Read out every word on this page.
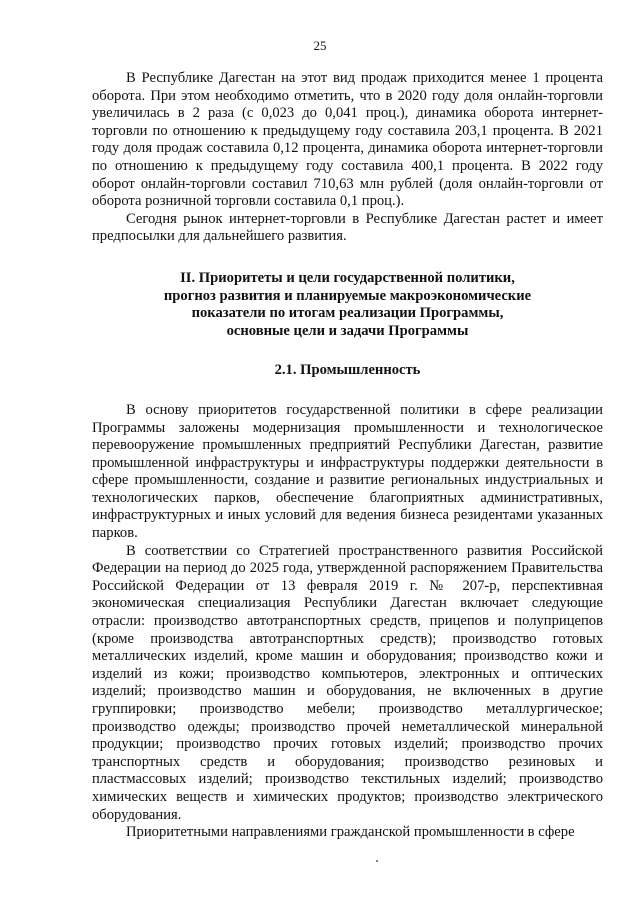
25

В Республике Дагестан на этот вид продаж приходится менее 1 процента оборота. При этом необходимо отметить, что в 2020 году доля онлайн-торговли увеличилась в 2 раза (с 0,023 до 0,041 проц.), динамика оборота интернет-торговли по отношению к предыдущему году составила 203,1 процента. В 2021 году доля продаж составила 0,12 процента, динамика оборота интернет-торговли по отношению к предыдущему году составила 400,1 процента. В 2022 году оборот онлайн-торговли составил 710,63 млн рублей (доля онлайн-торговли от оборота розничной торговли составила 0,1 проц.).

Сегодня рынок интернет-торговли в Республике Дагестан растет и имеет предпосылки для дальнейшего развития.

II. Приоритеты и цели государственной политики,
прогноз развития и планируемые макроэкономические
показатели по итогам реализации Программы,
основные цели и задачи Программы
2.1. Промышленность

В основу приоритетов государственной политики в сфере реализации Программы заложены модернизация промышленности и технологическое перевооружение промышленных предприятий Республики Дагестан, развитие промышленной инфраструктуры и инфраструктуры поддержки деятельности в сфере промышленности, создание и развитие региональных индустриальных и технологических парков, обеспечение благоприятных административных, инфраструктурных и иных условий для ведения бизнеса резидентами указанных парков.

В соответствии со Стратегией пространственного развития Российской Федерации на период до 2025 года, утвержденной распоряжением Правительства Российской Федерации от 13 февраля 2019 г. № 207-р, перспективная экономическая специализация Республики Дагестан включает следующие отрасли: производство автотранспортных средств, прицепов и полуприцепов (кроме производства автотранспортных средств); производство готовых металлических изделий, кроме машин и оборудования; производство кожи и изделий из кожи; производство компьютеров, электронных и оптических изделий; производство машин и оборудования, не включенных в другие группировки; производство мебели; производство металлургическое; производство одежды; производство прочей неметаллической минеральной продукции; производство прочих готовых изделий; производство прочих транспортных средств и оборудования; производство резиновых и пластмассовых изделий; производство текстильных изделий; производство химических веществ и химических продуктов; производство электрического оборудования.

Приоритетными направлениями гражданской промышленности в сфере
